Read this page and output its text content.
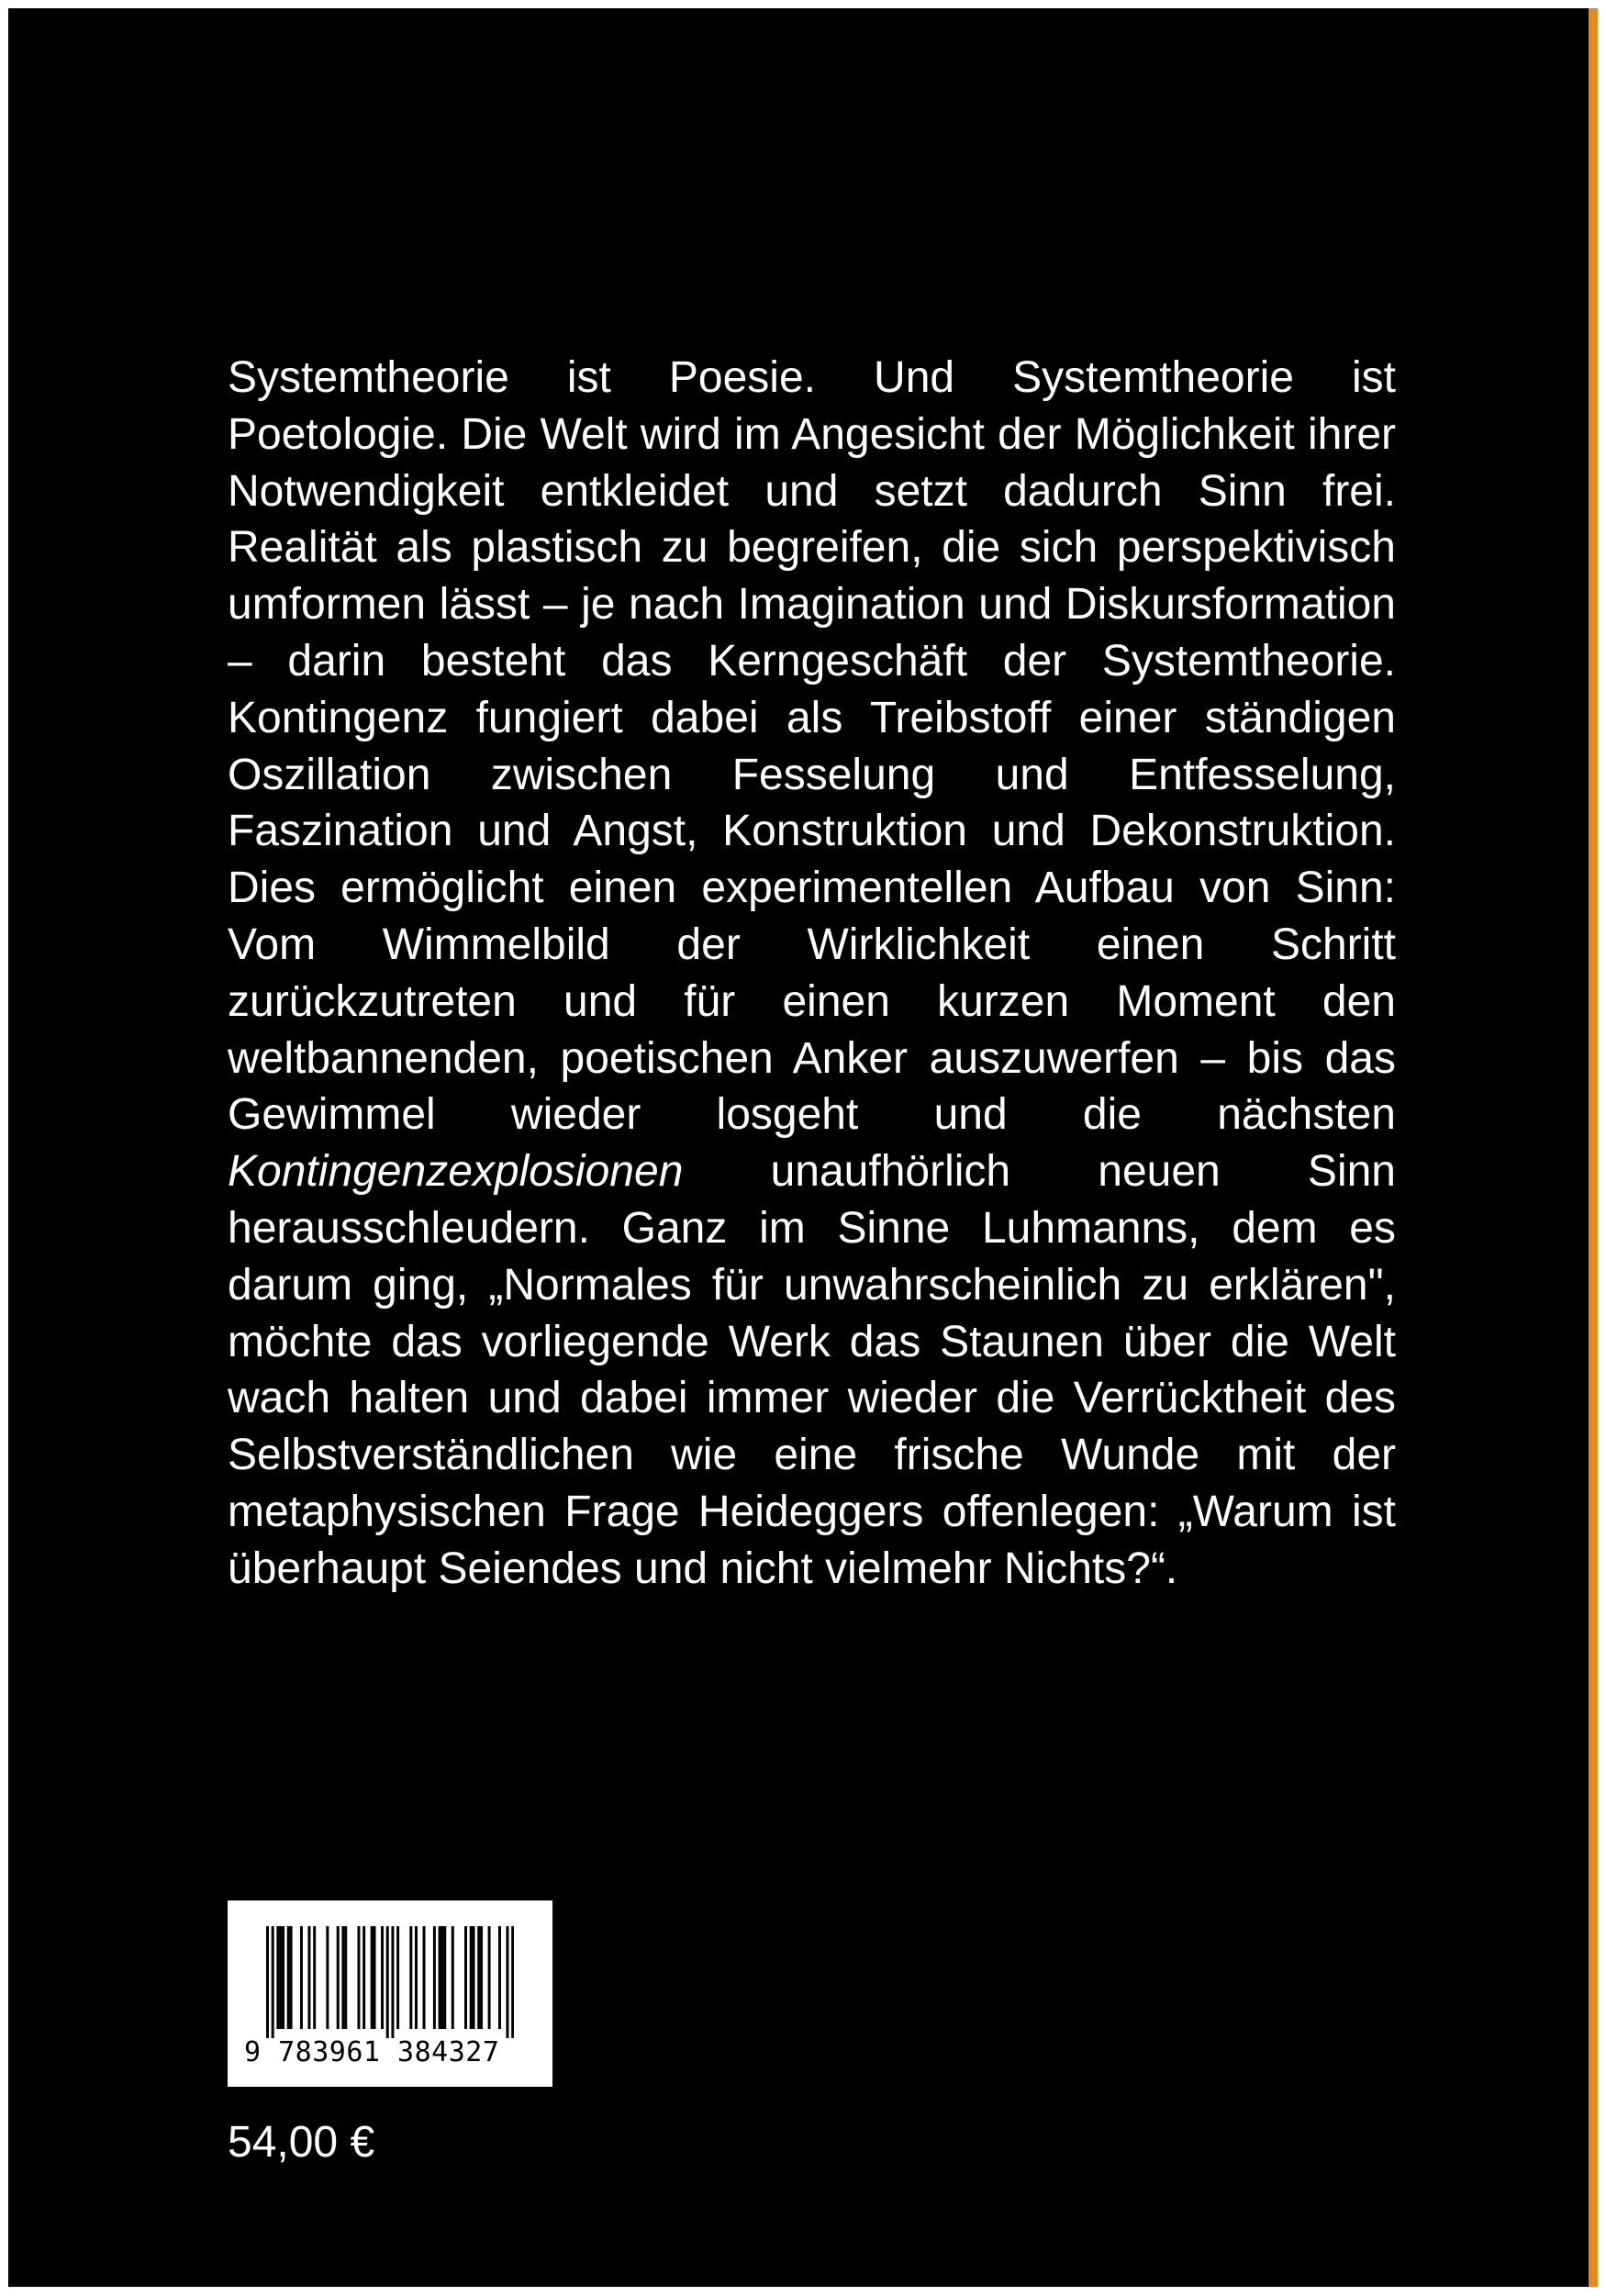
Systemtheorie ist Poesie. Und Systemtheorie ist Poetologie. Die Welt wird im Angesicht der Möglichkeit ihrer Notwendigkeit entkleidet und setzt dadurch Sinn frei. Realität als plastisch zu begreifen, die sich perspektivisch umformen lässt – je nach Imagination und Diskursformation – darin besteht das Kerngeschäft der Systemtheorie. Kontingenz fungiert dabei als Treibstoff einer ständigen Oszillation zwischen Fesselung und Entfesselung, Faszination und Angst, Konstruktion und Dekonstruktion. Dies ermöglicht einen experimentellen Aufbau von Sinn: Vom Wimmelbild der Wirklichkeit einen Schritt zurückzutreten und für einen kurzen Moment den weltbannenden, poetischen Anker auszuwerfen – bis das Gewimmel wieder losgeht und die nächsten Kontingenzexplosionen unaufhörlich neuen Sinn herausschleudern. Ganz im Sinne Luhmanns, dem es darum ging, „Normales für unwahrscheinlich zu erklären", möchte das vorliegende Werk das Staunen über die Welt wach halten und dabei immer wieder die Verrücktheit des Selbstverständlichen wie eine frische Wunde mit der metaphysischen Frage Heideggers offenlegen: „Warum ist überhaupt Seiendes und nicht vielmehr Nichts?“.

9 783961 384327
54,00 €
